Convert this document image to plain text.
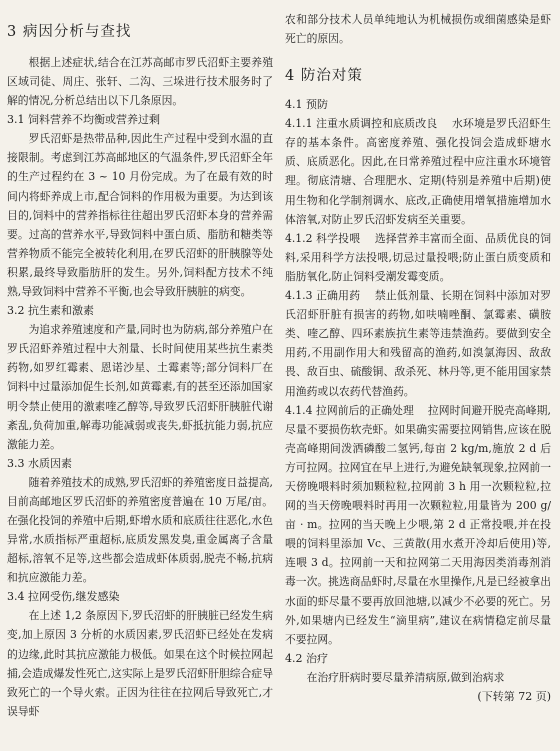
3 病因分析与查找

根据上述症状,结合在江苏高邮市罗氏沼虾主要养殖区域司徒、周庄、张轩、二沟、三垛进行技术服务时了解的情况,分析总结出以下几条原因。

3.1 饲料营养不均衡或营养过剩

罗氏沼虾是热带品种,因此生产过程中受到水温的直接限制。考虑到江苏高邮地区的气温条件,罗氏沼虾全年的生产过程约在 3 ~ 10 月份完成。为了在最有效的时间内将虾养成上市,配合饲料的作用极为重要。为达到该目的,饲料中的营养指标往往超出罗氏沼虾本身的营养需要。过高的营养水平,导致饲料中蛋白质、脂肪和糖类等营养物质不能完全被转化利用,在罗氏沼虾的肝胰腺等处积累,最终导致脂肪肝的发生。另外,饲料配方技术不纯熟,导致饲料中营养不平衡,也会导致肝胰脏的病变。

3.2 抗生素和激素

为追求养殖速度和产量,同时也为防病,部分养殖户在罗氏沼虾养殖过程中大剂量、长时间使用某些抗生素类药物,如罗红霉素、恩诺沙星、土霉素等;部分饲料厂在饲料中过量添加促生长剂,如黄霉素,有的甚至还添加国家明令禁止使用的激素喹乙醇等,导致罗氏沼虾肝胰脏代谢紊乱,负荷加重,解毒功能减弱或丧失,虾抵抗能力弱,抗应激能力差。

3.3 水质因素

随着养殖技术的成熟,罗氏沼虾的养殖密度日益提高,目前高邮地区罗氏沼虾的养殖密度普遍在 10 万尾/亩。在强化投饲的养殖中后期,虾增水质和底质往往恶化,水色异常,水质指标严重超标,底质发黑发臭,重金属离子含量超标,溶氧不足等,这些都会造成虾体质弱,脱壳不畅,抗病和抗应激能力差。

3.4 拉网受伤,继发感染

在上述 1,2 条原因下,罗氏沼虾的肝胰脏已经发生病变,加上原因 3 分析的水质因素,罗氏沼虾已经处在发病的边缘,此时其抗应激能力极低。如果在这个时候拉网起捕,会造成爆发性死亡,这实际上是罗氏沼虾肝胆综合症导致死亡的一个导火索。正因为往往在拉网后导致死亡,才误导虾

农和部分技术人员单纯地认为机械损伤或细菌感染是虾死亡的原因。

4 防治对策
4.1 预防

4.1.1 注重水质调控和底质改良 水环境是罗氏沼虾生存的基本条件。高密度养殖、强化投饲会造成虾塘水质、底质恶化。因此,在日常养殖过程中应注重水环境管理。彻底清塘、合理肥水、定期(特别是养殖中后期)使用生物和化学制剂调水、底改,正确使用增氧措施增加水体溶氧,对防止罗氏沼虾发病至关重要。

4.1.2 科学投喂 选择营养丰富而全面、品质优良的饲料,采用科学方法投喂,切忌过量投喂;防止蛋白质变质和脂肪氧化,防止饲料受潮发霉变质。

4.1.3 正确用药 禁止低剂量、长期在饲料中添加对罗氏沼虾肝脏有损害的药物,如呋喃唑酮、氯霉素、磺胺类、喹乙醇、四环素族抗生素等违禁渔药。要做到安全用药,不用副作用大和残留高的渔药,如溴氯海因、敌敌畏、敌百虫、硫酸铜、敌杀死、林丹等,更不能用国家禁用渔药或以农药代替渔药。

4.1.4 拉网前后的正确处理 拉网时间避开脱壳高峰期,尽量不要损伤软壳虾。如果确实需要拉网销售,应该在脱壳高峰期间泼洒磷酸二氢钙,每亩 2 kg/m,施放 2 d 后方可拉网。拉网宜在早上进行,为避免缺氧现象,拉网前一天傍晚喂料时须加颗粒粒,拉网前 3 h 用一次颗粒粒,拉网的当天傍晚喂料时再用一次颗粒粒,用量皆为 200 g/亩 · m。拉网的当天晚上少喂,第 2 d 正常投喂,并在投喂的饲料里添加 Vc、三黄散(用水煮开冷却后使用)等,连喂 3 d。拉网前一天和拉网第二天用海因类消毒剂消毒一次。挑选商品虾时,尽量在水里操作,凡是已经被拿出水面的虾尽量不要再放回池塘,以减少不必要的死亡。另外,如果塘内已经发生“滴里病”,建议在病情稳定前尽量不要拉网。

4.2 治疗

在治疗肝病时要尽量养清病原,做到治病求

(下转第 72 页)
